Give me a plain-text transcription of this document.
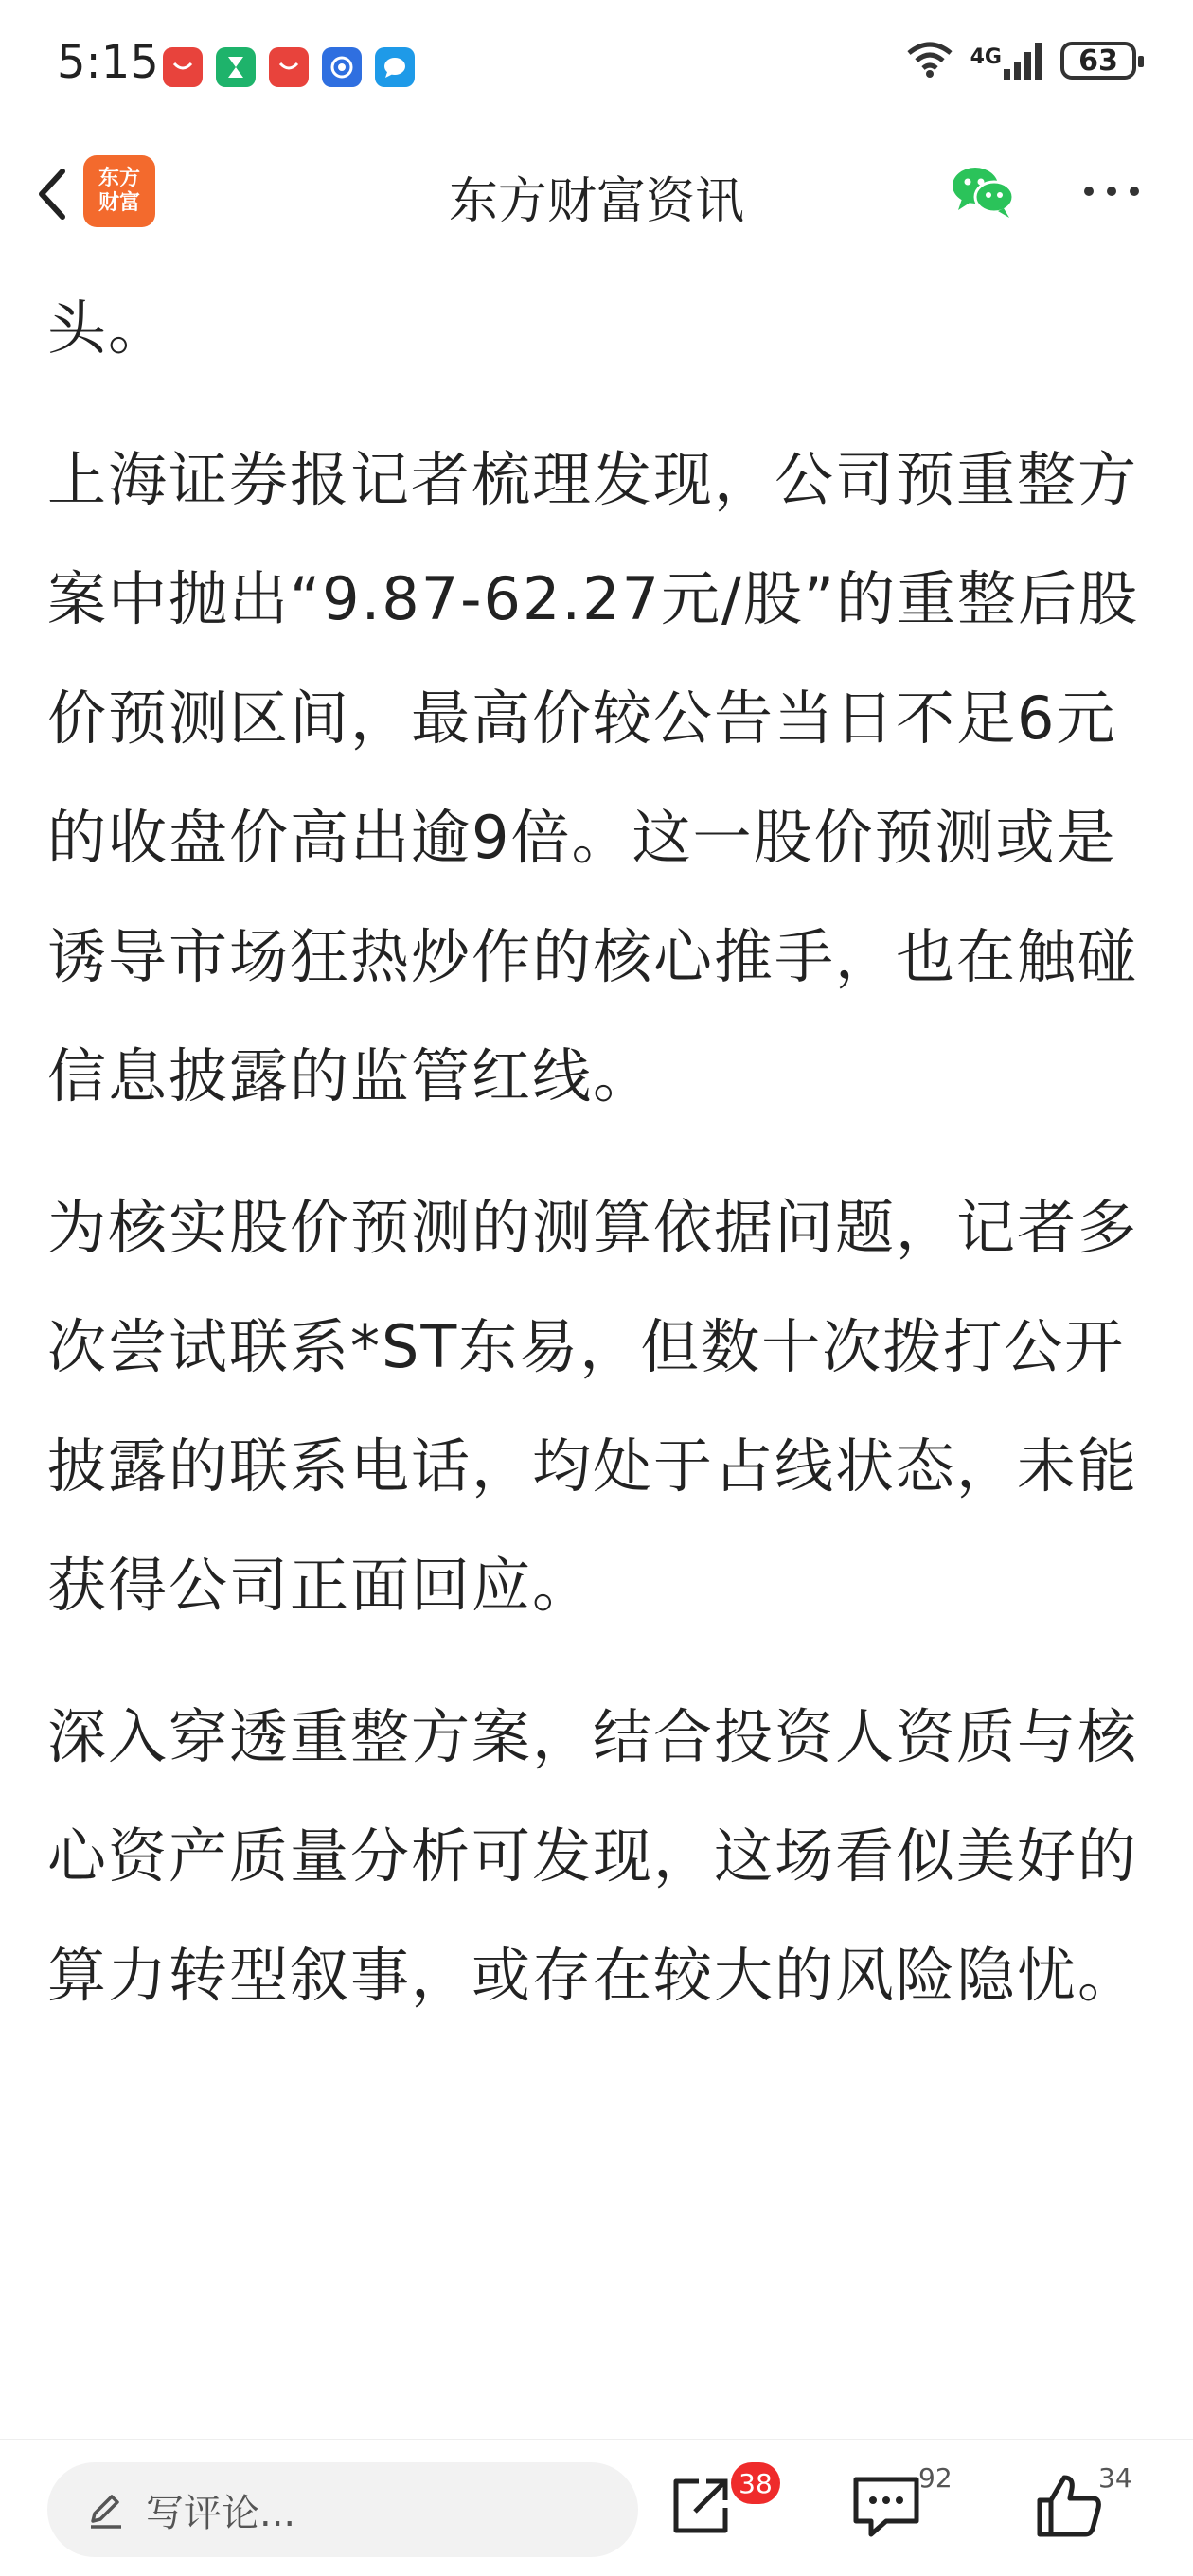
5:15	4G	63
东方
财富	东方财富资讯

头。

上海证券报记者梳理发现，公司预重整方案中抛出“9.87-62.27元/股”的重整后股价预测区间，最高价较公告当日不足6元的收盘价高出逾9倍。这一股价预测或是诱导市场狂热炒作的核心推手，也在触碰信息披露的监管红线。

为核实股价预测的测算依据问题，记者多次尝试联系*ST东易，但数十次拨打公开披露的联系电话，均处于占线状态，未能获得公司正面回应。

深入穿透重整方案，结合投资人资质与核心资产质量分析可发现，这场看似美好的算力转型叙事，或存在较大的风险隐忧。

写评论...
38	92	34
